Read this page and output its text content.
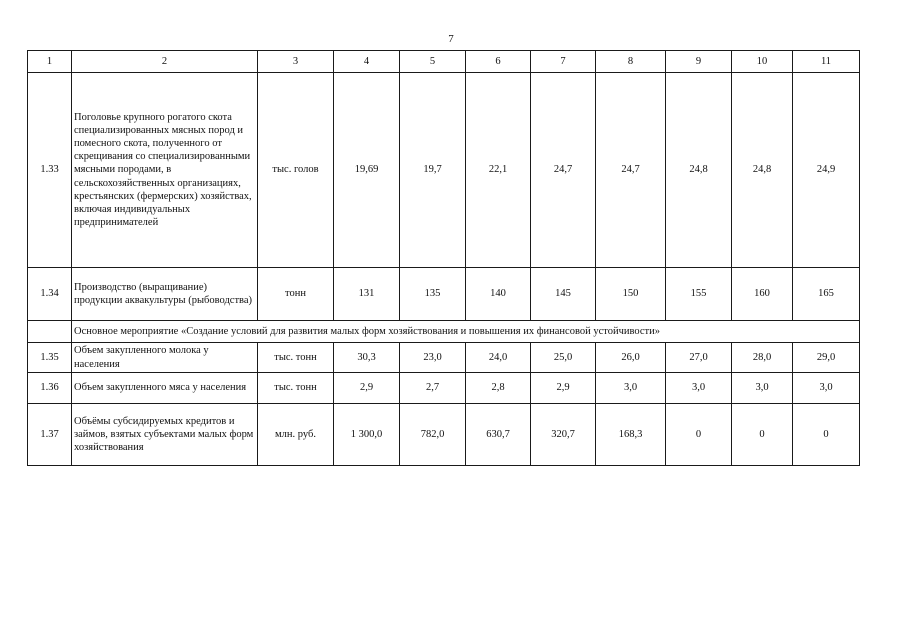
7
1	2	3	4	5	6	7	8	9	10	11
1.33	Поголовье крупного рогатого скота специализированных мясных пород и помесного скота, полученного от скрещивания со специализированными мясными породами, в сельскохозяйственных организациях, крестьянских (фермерских) хозяйствах, включая индивидуальных предпринимателей	тыс. голов	19,69	19,7	22,1	24,7	24,7	24,8	24,8	24,9
1.34	Производство (выращивание) продукции аквакультуры (рыбоводства)	тонн	131	135	140	145	150	155	160	165
	Основное мероприятие «Создание условий для развития малых форм хозяйствования и повышения их финансовой устойчивости»									
1.35	Объем закупленного молока у населения	тыс. тонн	30,3	23,0	24,0	25,0	26,0	27,0	28,0	29,0
1.36	Объем закупленного мяса у населения	тыс. тонн	2,9	2,7	2,8	2,9	3,0	3,0	3,0	3,0
1.37	Объёмы субсидируемых кредитов и займов, взятых субъектами малых форм хозяйствования	млн. руб.	1 300,0	782,0	630,7	320,7	168,3	0	0	0
